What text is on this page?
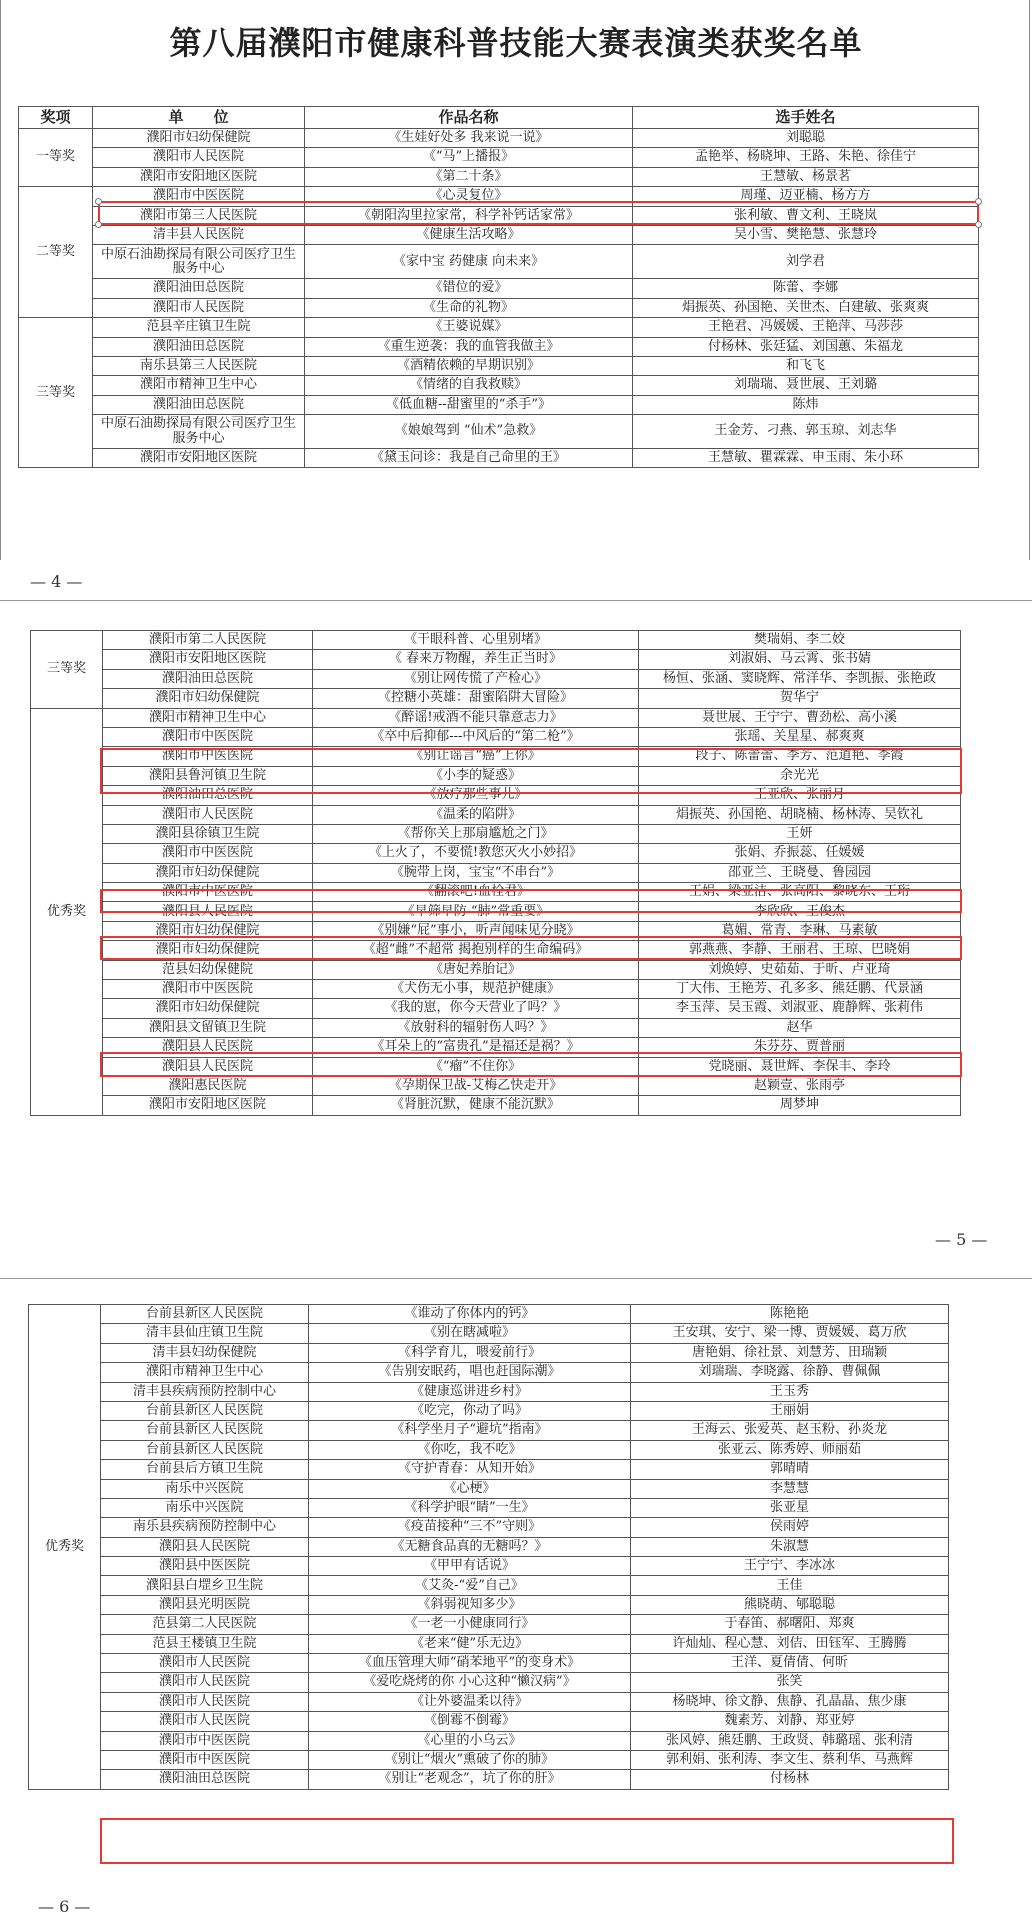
第八届濮阳市健康科普技能大赛表演类获奖名单
奖项	单　　位	作品名称	选手姓名
一等奖	濮阳市妇幼保健院	《生娃好处多 我来说一说》	刘聪聪
	濮阳市人民医院	《“马”上播报》	孟艳举、杨晓坤、王路、朱艳、徐佳宁
	濮阳市安阳地区医院	《第二十条》	王慧敏、杨景茗
二等奖	濮阳市中医医院	《心灵复位》	周瑾、迈亚楠、杨方方
	濮阳市第三人民医院	《朝阳沟里拉家常，科学补钙话家常》	张利敏、曹文利、王晓岚
	清丰县人民医院	《健康生活攻略》	吴小雪、樊艳慧、张慧玲
	中原石油勘探局有限公司医疗卫生服务中心	《家中宝 药健康 向未来》	刘学君
	濮阳油田总医院	《错位的爱》	陈蕾、李娜
	濮阳市人民医院	《生命的礼物》	焆振英、孙国艳、关世杰、白建敏、张爽爽
三等奖	范县辛庄镇卫生院	《王婆说媒》	王艳君、冯媛媛、王艳萍、马莎莎
	濮阳油田总医院	《重生逆袭：我的血管我做主》	付杨林、张廷猛、刘国蕙、朱福龙
	南乐县第三人民医院	《酒精依赖的早期识别》	和飞飞
	濮阳市精神卫生中心	《情绪的自我救赎》	刘瑞瑞、聂世展、王刘璐
	濮阳油田总医院	《低血糖--甜蜜里的“杀手”》	陈炜
	中原石油勘探局有限公司医疗卫生服务中心	《娘娘驾到 “仙术”急救》	王金芳、刁燕、郭玉琼、刘志华
	濮阳市安阳地区医院	《黛玉问诊：我是自己命里的王》	王慧敏、瞿霖霖、申玉雨、朱小环
— 4 —
三等奖	濮阳市第二人民医院	《干眼科普、心里别堵》	樊瑞娟、李二姣
	濮阳市安阳地区医院	《 春来万物醒，养生正当时》	刘淑娟、马云霄、张书婧
	濮阳油田总医院	《别让网传慌了产检心》	杨恒、张涵、窦晓辉、常洋华、李凯振、张艳政
	濮阳市妇幼保健院	《控糖小英雄：甜蜜陷阱大冒险》	贺华宁
优秀奖	濮阳市精神卫生中心	《醉谣!戒酒不能只靠意志力》	聂世展、王宁宁、曹劲松、高小溪
	濮阳市中医医院	《卒中后抑郁---中风后的“第二枪”》	张瑶、关星星、郝爽爽
	濮阳市中医医院	《别让谣言“癌”上你》	段子、陈蕾蕾、李芳、范道艳、李霞
	濮阳县鲁河镇卫生院	《小李的疑惑》	余光光
	濮阳油田总医院	《放疗那些事儿》	王亚欣、张丽月
	濮阳市人民医院	《温柔的陷阱》	焆振英、孙国艳、胡晓楠、杨林涛、吴钦礼
	濮阳县徐镇卫生院	《帮你关上那扇尴尬之门》	王妍
	濮阳市中医医院	《上火了，不要慌!教您灭火小妙招》	张娟、乔振蕊、任媛媛
	濮阳市妇幼保健院	《腕带上岗，宝宝“不串台”》	邵亚兰、王晓曼、鲁园园
	濮阳市中医医院	《翻滚吧!血栓君》	王娟、梁亚洁、张高阳、黎晓东、王珩
	濮阳县人民医院	《早筛早防 “肺”常重要》	李欣欣、王俊杰
	濮阳市妇幼保健院	《别嫌“屁”事小，听声闻味见分晓》	葛媚、常青、李琳、马素敏
	濮阳市妇幼保健院	《超“雌”不超常 揭抱别样的生命编码》	郭燕燕、李静、王丽君、王琼、巴晓娟
	范县妇幼保健院	《唐妃养胎记》	刘焕婷、史茹茹、于昕、卢亚琦
	濮阳市中医医院	《犬伤无小事，规范护健康》	丁大伟、王艳芳、孔多多、熊廷鹏、代景涵
	濮阳市妇幼保健院	《我的崽，你今天营业了吗？》	李玉萍、吴玉霞、刘淑亚、鹿静辉、张莉伟
	濮阳县文留镇卫生院	《放射科的辐射伤人吗？》	赵华
	濮阳县人民医院	《耳朵上的“富贵孔”是福还是祸？》	朱芬芬、贾普丽
	濮阳县人民医院	《“瘤”不住你》	党晓丽、聂世辉、李保丰、李玲
	濮阳惠民医院	《孕期保卫战-艾梅乙快走开》	赵颖壹、张雨亭
	濮阳市安阳地区医院	《肾脏沉默，健康不能沉默》	周梦坤
— 5 —
优秀奖	台前县新区人民医院	《谁动了你体内的钙》	陈艳艳
	清丰县仙庄镇卫生院	《别在瞎减啦》	王安琪、安宁、梁一博、贾媛媛、葛万欣
	清丰县妇幼保健院	《科学育儿，喂爱前行》	唐艳娟、徐社景、刘慧芳、田瑞颖
	濮阳市精神卫生中心	《告别安眠药，唱也赶国际潮》	刘瑞瑞、李晓露、徐静、曹佩佩
	清丰县疾病预防控制中心	《健康巡讲进乡村》	王玉秀
	台前县新区人民医院	《吃完，你动了吗》	王丽娟
	台前县新区人民医院	《科学坐月子“避坑”指南》	王海云、张爱英、赵玉粉、孙炎龙
	台前县新区人民医院	《你吃，我不吃》	张亚云、陈秀婷、师丽茹
	台前县后方镇卫生院	《守护青春：从知开始》	郭晴晴
	南乐中兴医院	《心梗》	李慧慧
	南乐中兴医院	《科学护眼“睛”一生》	张亚星
	南乐县疾病预防控制中心	《疫苗接种“三不”守则》	侯雨婷
	濮阳县人民医院	《无糖食品真的无糖吗？》	朱淑慧
	濮阳县中医医院	《甲甲有话说》	王宁宁、李冰冰
	濮阳县白堽乡卫生院	《艾灸-“爱”自己》	王佳
	濮阳县光明医院	《斜弱视知多少》	熊晓萌、郇聪聪
	范县第二人民医院	《一老一小健康同行》	于春笛、郝曙阳、郑爽
	范县王楼镇卫生院	《老来“健”乐无边》	许灿灿、程心慧、刘佶、田钰军、王腾腾
	濮阳市人民医院	《血压管理大师“硝苯地平”的变身术》	王洋、夏倩倩、何昕
	濮阳市人民医院	《爱吃烧烤的你 小心这种“懒汉病”》	张笑
	濮阳市人民医院	《让外婆温柔以待》	杨晓坤、徐文静、焦静、孔晶晶、焦少康
	濮阳市人民医院	《倒霉不倒霉》	魏素芳、刘静、郑亚婷
	濮阳市中医医院	《心里的小乌云》	张风婷、熊廷鹏、王政贤、韩璐瑶、张利清
	濮阳市中医医院	《别让“烟火”熏破了你的肺》	郭利娟、张利涛、李文生、蔡利华、马燕辉
	濮阳油田总医院	《别让“老观念”，坑了你的肝》	付杨林
— 6 —
